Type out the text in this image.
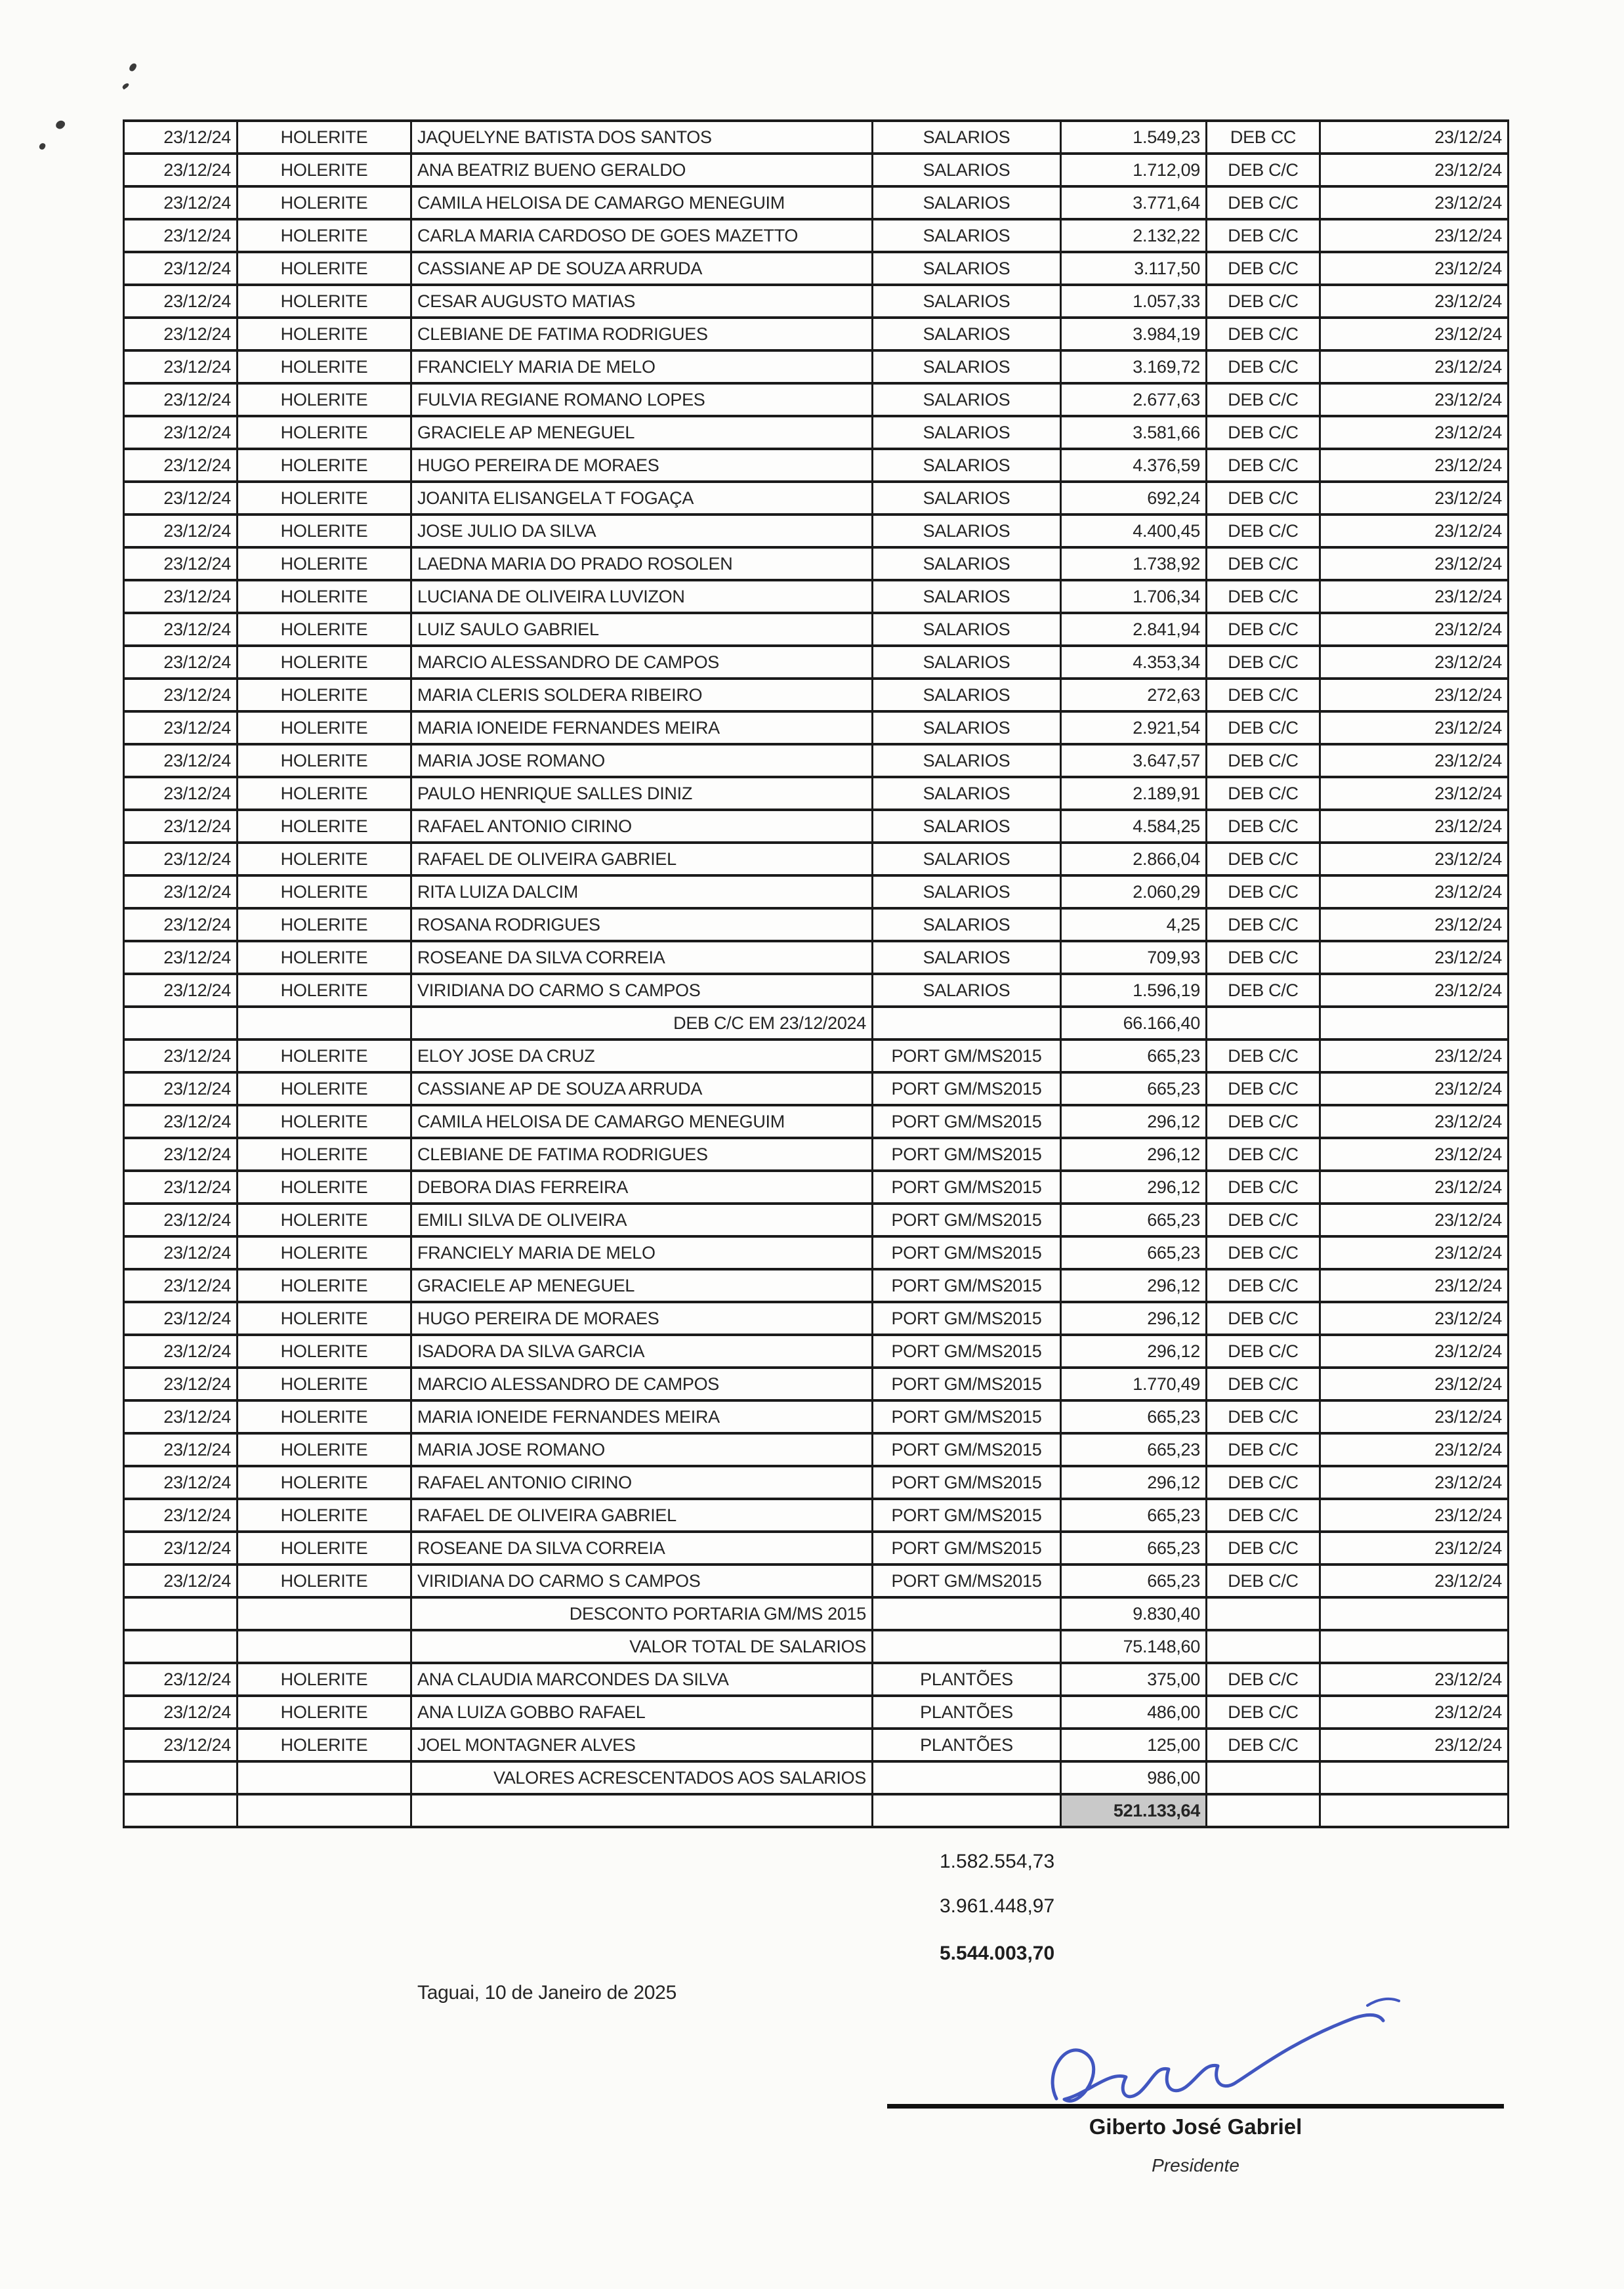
23/12/24	HOLERITE	JAQUELYNE BATISTA DOS SANTOS	SALARIOS	1.549,23	DEB CC	23/12/24
23/12/24	HOLERITE	ANA BEATRIZ BUENO GERALDO	SALARIOS	1.712,09	DEB C/C	23/12/24
23/12/24	HOLERITE	CAMILA HELOISA DE CAMARGO MENEGUIM	SALARIOS	3.771,64	DEB C/C	23/12/24
23/12/24	HOLERITE	CARLA MARIA CARDOSO DE GOES MAZETTO	SALARIOS	2.132,22	DEB C/C	23/12/24
23/12/24	HOLERITE	CASSIANE AP DE SOUZA ARRUDA	SALARIOS	3.117,50	DEB C/C	23/12/24
23/12/24	HOLERITE	CESAR AUGUSTO MATIAS	SALARIOS	1.057,33	DEB C/C	23/12/24
23/12/24	HOLERITE	CLEBIANE DE FATIMA RODRIGUES	SALARIOS	3.984,19	DEB C/C	23/12/24
23/12/24	HOLERITE	FRANCIELY MARIA DE MELO	SALARIOS	3.169,72	DEB C/C	23/12/24
23/12/24	HOLERITE	FULVIA REGIANE ROMANO LOPES	SALARIOS	2.677,63	DEB C/C	23/12/24
23/12/24	HOLERITE	GRACIELE AP MENEGUEL	SALARIOS	3.581,66	DEB C/C	23/12/24
23/12/24	HOLERITE	HUGO PEREIRA DE MORAES	SALARIOS	4.376,59	DEB C/C	23/12/24
23/12/24	HOLERITE	JOANITA ELISANGELA T FOGAÇA	SALARIOS	692,24	DEB C/C	23/12/24
23/12/24	HOLERITE	JOSE JULIO DA SILVA	SALARIOS	4.400,45	DEB C/C	23/12/24
23/12/24	HOLERITE	LAEDNA MARIA DO PRADO ROSOLEN	SALARIOS	1.738,92	DEB C/C	23/12/24
23/12/24	HOLERITE	LUCIANA DE OLIVEIRA LUVIZON	SALARIOS	1.706,34	DEB C/C	23/12/24
23/12/24	HOLERITE	LUIZ SAULO GABRIEL	SALARIOS	2.841,94	DEB C/C	23/12/24
23/12/24	HOLERITE	MARCIO ALESSANDRO DE CAMPOS	SALARIOS	4.353,34	DEB C/C	23/12/24
23/12/24	HOLERITE	MARIA CLERIS SOLDERA RIBEIRO	SALARIOS	272,63	DEB C/C	23/12/24
23/12/24	HOLERITE	MARIA IONEIDE FERNANDES MEIRA	SALARIOS	2.921,54	DEB C/C	23/12/24
23/12/24	HOLERITE	MARIA JOSE ROMANO	SALARIOS	3.647,57	DEB C/C	23/12/24
23/12/24	HOLERITE	PAULO HENRIQUE SALLES DINIZ	SALARIOS	2.189,91	DEB C/C	23/12/24
23/12/24	HOLERITE	RAFAEL ANTONIO CIRINO	SALARIOS	4.584,25	DEB C/C	23/12/24
23/12/24	HOLERITE	RAFAEL DE OLIVEIRA GABRIEL	SALARIOS	2.866,04	DEB C/C	23/12/24
23/12/24	HOLERITE	RITA LUIZA DALCIM	SALARIOS	2.060,29	DEB C/C	23/12/24
23/12/24	HOLERITE	ROSANA RODRIGUES	SALARIOS	4,25	DEB C/C	23/12/24
23/12/24	HOLERITE	ROSEANE DA SILVA CORREIA	SALARIOS	709,93	DEB C/C	23/12/24
23/12/24	HOLERITE	VIRIDIANA DO CARMO S CAMPOS	SALARIOS	1.596,19	DEB C/C	23/12/24
		DEB C/C EM 23/12/2024		66.166,40		
23/12/24	HOLERITE	ELOY JOSE DA CRUZ	PORT GM/MS2015	665,23	DEB C/C	23/12/24
23/12/24	HOLERITE	CASSIANE AP DE SOUZA ARRUDA	PORT GM/MS2015	665,23	DEB C/C	23/12/24
23/12/24	HOLERITE	CAMILA HELOISA DE CAMARGO MENEGUIM	PORT GM/MS2015	296,12	DEB C/C	23/12/24
23/12/24	HOLERITE	CLEBIANE DE FATIMA RODRIGUES	PORT GM/MS2015	296,12	DEB C/C	23/12/24
23/12/24	HOLERITE	DEBORA DIAS FERREIRA	PORT GM/MS2015	296,12	DEB C/C	23/12/24
23/12/24	HOLERITE	EMILI SILVA DE OLIVEIRA	PORT GM/MS2015	665,23	DEB C/C	23/12/24
23/12/24	HOLERITE	FRANCIELY MARIA DE MELO	PORT GM/MS2015	665,23	DEB C/C	23/12/24
23/12/24	HOLERITE	GRACIELE AP MENEGUEL	PORT GM/MS2015	296,12	DEB C/C	23/12/24
23/12/24	HOLERITE	HUGO PEREIRA DE MORAES	PORT GM/MS2015	296,12	DEB C/C	23/12/24
23/12/24	HOLERITE	ISADORA DA SILVA GARCIA	PORT GM/MS2015	296,12	DEB C/C	23/12/24
23/12/24	HOLERITE	MARCIO ALESSANDRO DE CAMPOS	PORT GM/MS2015	1.770,49	DEB C/C	23/12/24
23/12/24	HOLERITE	MARIA IONEIDE FERNANDES MEIRA	PORT GM/MS2015	665,23	DEB C/C	23/12/24
23/12/24	HOLERITE	MARIA JOSE ROMANO	PORT GM/MS2015	665,23	DEB C/C	23/12/24
23/12/24	HOLERITE	RAFAEL ANTONIO CIRINO	PORT GM/MS2015	296,12	DEB C/C	23/12/24
23/12/24	HOLERITE	RAFAEL DE OLIVEIRA GABRIEL	PORT GM/MS2015	665,23	DEB C/C	23/12/24
23/12/24	HOLERITE	ROSEANE DA SILVA CORREIA	PORT GM/MS2015	665,23	DEB C/C	23/12/24
23/12/24	HOLERITE	VIRIDIANA DO CARMO S CAMPOS	PORT GM/MS2015	665,23	DEB C/C	23/12/24
		DESCONTO PORTARIA GM/MS 2015		9.830,40		
		VALOR TOTAL DE SALARIOS		75.148,60		
23/12/24	HOLERITE	ANA CLAUDIA MARCONDES DA SILVA	PLANTÕES	375,00	DEB C/C	23/12/24
23/12/24	HOLERITE	ANA LUIZA GOBBO RAFAEL	PLANTÕES	486,00	DEB C/C	23/12/24
23/12/24	HOLERITE	JOEL MONTAGNER ALVES	PLANTÕES	125,00	DEB C/C	23/12/24
		VALORES ACRESCENTADOS AOS SALARIOS		986,00		
				521.133,64		
1.582.554,73
3.961.448,97
5.544.003,70
Taguai, 10 de Janeiro de 2025
Giberto José Gabriel
Presidente
